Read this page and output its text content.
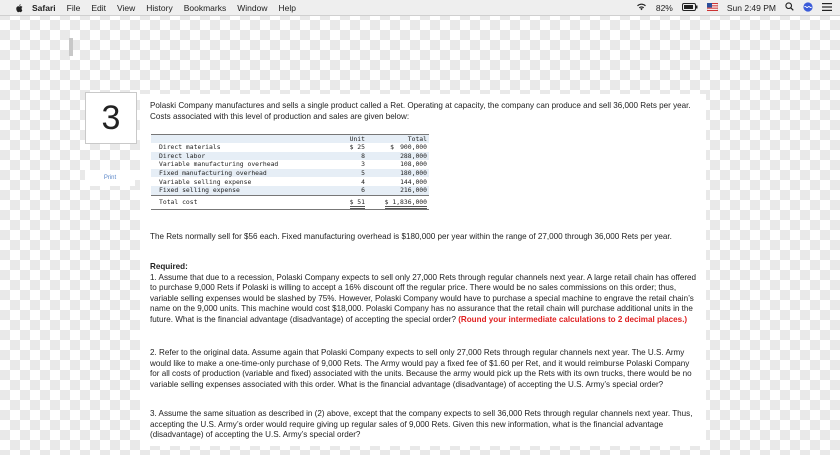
Safari File Edit View History Bookmarks Window Help	82%	Sun 2:49 PM
3
Print
Polaski Company manufactures and sells a single product called a Ret. Operating at capacity, the company can produce and sell 36,000 Rets per year. Costs associated with this level of production and sales are given below:
Unit	Total
Direct materials	$ 25	$ 900,000
Direct labor	8	288,000
Variable manufacturing overhead	3	108,000
Fixed manufacturing overhead	5	180,000
Variable selling expense	4	144,000
Fixed selling expense	6	216,000
Total cost	$ 51	$ 1,836,000
The Rets normally sell for $56 each. Fixed manufacturing overhead is $180,000 per year within the range of 27,000 through 36,000 Rets per year.
Required:
1. Assume that due to a recession, Polaski Company expects to sell only 27,000 Rets through regular channels next year. A large retail chain has offered to purchase 9,000 Rets if Polaski is willing to accept a 16% discount off the regular price. There would be no sales commissions on this order; thus, variable selling expenses would be slashed by 75%. However, Polaski Company would have to purchase a special machine to engrave the retail chain’s name on the 9,000 units. This machine would cost $18,000. Polaski Company has no assurance that the retail chain will purchase additional units in the future. What is the financial advantage (disadvantage) of accepting the special order? (Round your intermediate calculations to 2 decimal places.)
2. Refer to the original data. Assume again that Polaski Company expects to sell only 27,000 Rets through regular channels next year. The U.S. Army would like to make a one-time-only purchase of 9,000 Rets. The Army would pay a fixed fee of $1.60 per Ret, and it would reimburse Polaski Company for all costs of production (variable and fixed) associated with the units. Because the army would pick up the Rets with its own trucks, there would be no variable selling expenses associated with this order. What is the financial advantage (disadvantage) of accepting the U.S. Army’s special order?
3. Assume the same situation as described in (2) above, except that the company expects to sell 36,000 Rets through regular channels next year. Thus, accepting the U.S. Army’s order would require giving up regular sales of 9,000 Rets. Given this new information, what is the financial advantage (disadvantage) of accepting the U.S. Army’s special order?
